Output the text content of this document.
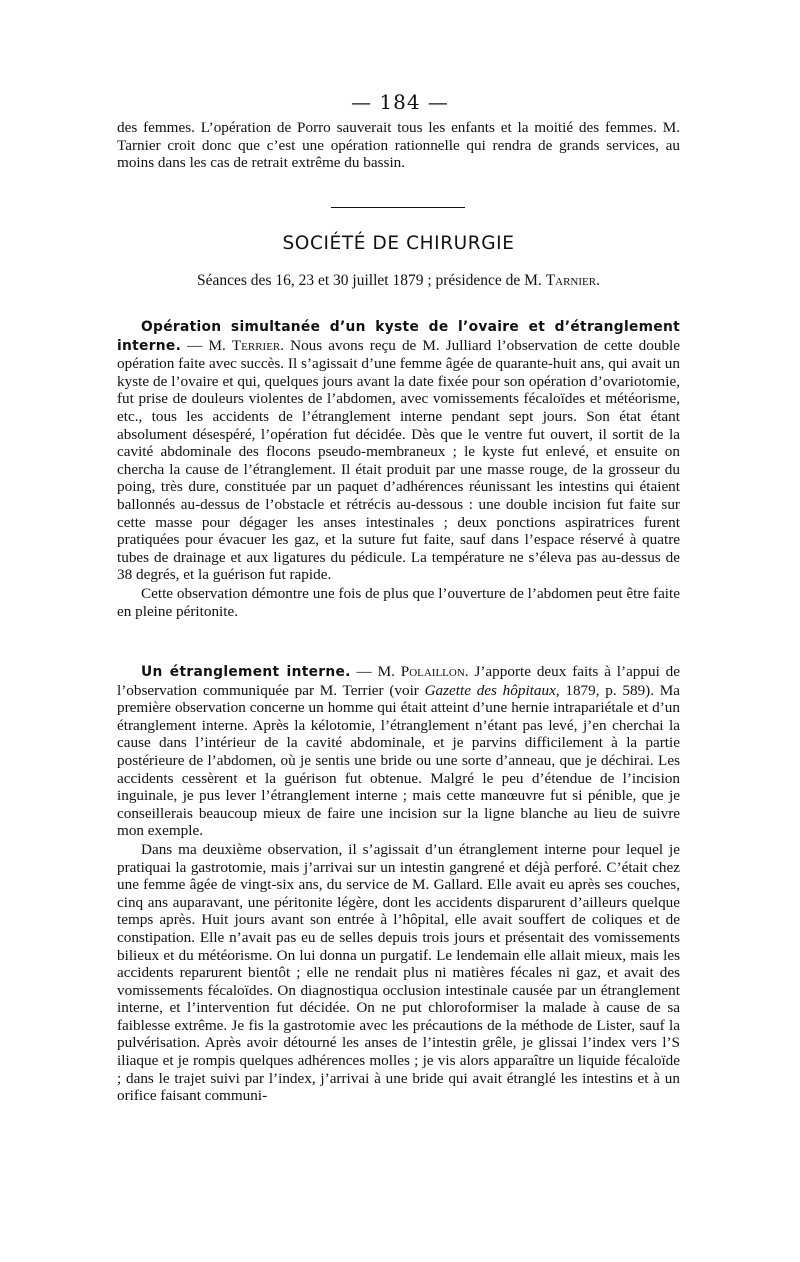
— 184 —

des femmes. L’opération de Porro sauverait tous les enfants et la moitié des femmes. M. Tarnier croit donc que c’est une opération rationnelle qui rendra de grands services, au moins dans les cas de retrait extrême du bassin.

SOCIÉTÉ DE CHIRURGIE
Séances des 16, 23 et 30 juillet 1879 ; présidence de M. Tarnier.

Opération simultanée d’un kyste de l’ovaire et d’étranglement interne. — M. Terrier. Nous avons reçu de M. Julliard l’observation de cette double opération faite avec succès. Il s’agissait d’une femme âgée de quarante-huit ans, qui avait un kyste de l’ovaire et qui, quelques jours avant la date fixée pour son opération d’ovariotomie, fut prise de douleurs violentes de l’abdomen, avec vomissements fécaloïdes et météorisme, etc., tous les accidents de l’étranglement interne pendant sept jours. Son état étant absolument désespéré, l’opération fut décidée. Dès que le ventre fut ouvert, il sortit de la cavité abdominale des flocons pseudo-membraneux ; le kyste fut enlevé, et ensuite on chercha la cause de l’étranglement. Il était produit par une masse rouge, de la grosseur du poing, très dure, constituée par un paquet d’adhérences réunissant les intestins qui étaient ballonnés au-dessus de l’obstacle et rétrécis au-dessous : une double incision fut faite sur cette masse pour dégager les anses intestinales ; deux ponctions aspiratrices furent pratiquées pour évacuer les gaz, et la suture fut faite, sauf dans l’espace réservé à quatre tubes de drainage et aux ligatures du pédicule. La température ne s’éleva pas au-dessus de 38 degrés, et la guérison fut rapide.

Cette observation démontre une fois de plus que l’ouverture de l’abdomen peut être faite en pleine péritonite.

Un étranglement interne. — M. Polaillon. J’apporte deux faits à l’appui de l’observation communiquée par M. Terrier (voir Gazette des hôpitaux, 1879, p. 589). Ma première observation concerne un homme qui était atteint d’une hernie intrapariétale et d’un étranglement interne. Après la kélotomie, l’étranglement n’étant pas levé, j’en cherchai la cause dans l’intérieur de la cavité abdominale, et je parvins difficilement à la partie postérieure de l’abdomen, où je sentis une bride ou une sorte d’anneau, que je déchirai. Les accidents cessèrent et la guérison fut obtenue. Malgré le peu d’étendue de l’incision inguinale, je pus lever l’étranglement interne ; mais cette manœuvre fut si pénible, que je conseillerais beaucoup mieux de faire une incision sur la ligne blanche au lieu de suivre mon exemple.

Dans ma deuxième observation, il s’agissait d’un étranglement interne pour lequel je pratiquai la gastrotomie, mais j’arrivai sur un intestin gangrené et déjà perforé. C’était chez une femme âgée de vingt-six ans, du service de M. Gallard. Elle avait eu après ses couches, cinq ans auparavant, une péritonite légère, dont les accidents disparurent d’ailleurs quelque temps après. Huit jours avant son entrée à l’hôpital, elle avait souffert de coliques et de constipation. Elle n’avait pas eu de selles depuis trois jours et présentait des vomissements bilieux et du météorisme. On lui donna un purgatif. Le lendemain elle allait mieux, mais les accidents reparurent bientôt ; elle ne rendait plus ni matières fécales ni gaz, et avait des vomissements fécaloïdes. On diagnostiqua occlusion intestinale causée par un étranglement interne, et l’intervention fut décidée. On ne put chloroformiser la malade à cause de sa faiblesse extrême. Je fis la gastrotomie avec les précautions de la méthode de Lister, sauf la pulvérisation. Après avoir détourné les anses de l’intestin grêle, je glissai l’index vers l’S iliaque et je rompis quelques adhérences molles ; je vis alors apparaître un liquide fécaloïde ; dans le trajet suivi par l’index, j’arrivai à une bride qui avait étranglé les intestins et à un orifice faisant communi-
